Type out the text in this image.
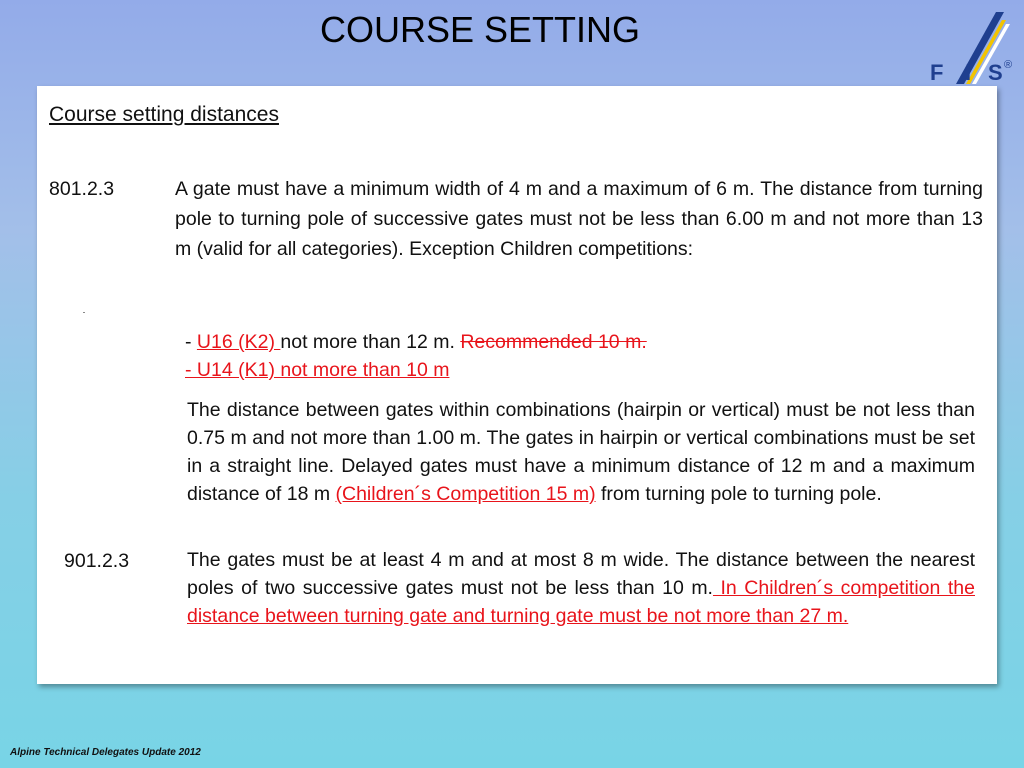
COURSE SETTING
F I S ®
Course setting distances
801.2.3	A gate must have a minimum width of 4 m and a maximum of 6 m. The distance from turning pole to turning pole of successive gates must not be less than 6.00 m and not more than 13 m (valid for all categories). Exception Children competitions:
- U16 (K2) not more than 12 m. Recommended 10 m.
- U14 (K1) not more than 10 m
The distance between gates within combinations (hairpin or vertical) must be not less than 0.75 m and not more than 1.00 m. The gates in hairpin or vertical combinations must be set in a straight line. Delayed gates must have a minimum distance of 12 m and a maximum distance of 18 m (Children´s Competition 15 m) from turning pole to turning pole.
901.2.3	The gates must be at least 4 m and at most 8 m wide. The distance between the nearest poles of two successive gates must not be less than 10 m. In Children´s competition the distance between turning gate and turning gate must be not more than 27 m.
Alpine Technical Delegates Update 2012
